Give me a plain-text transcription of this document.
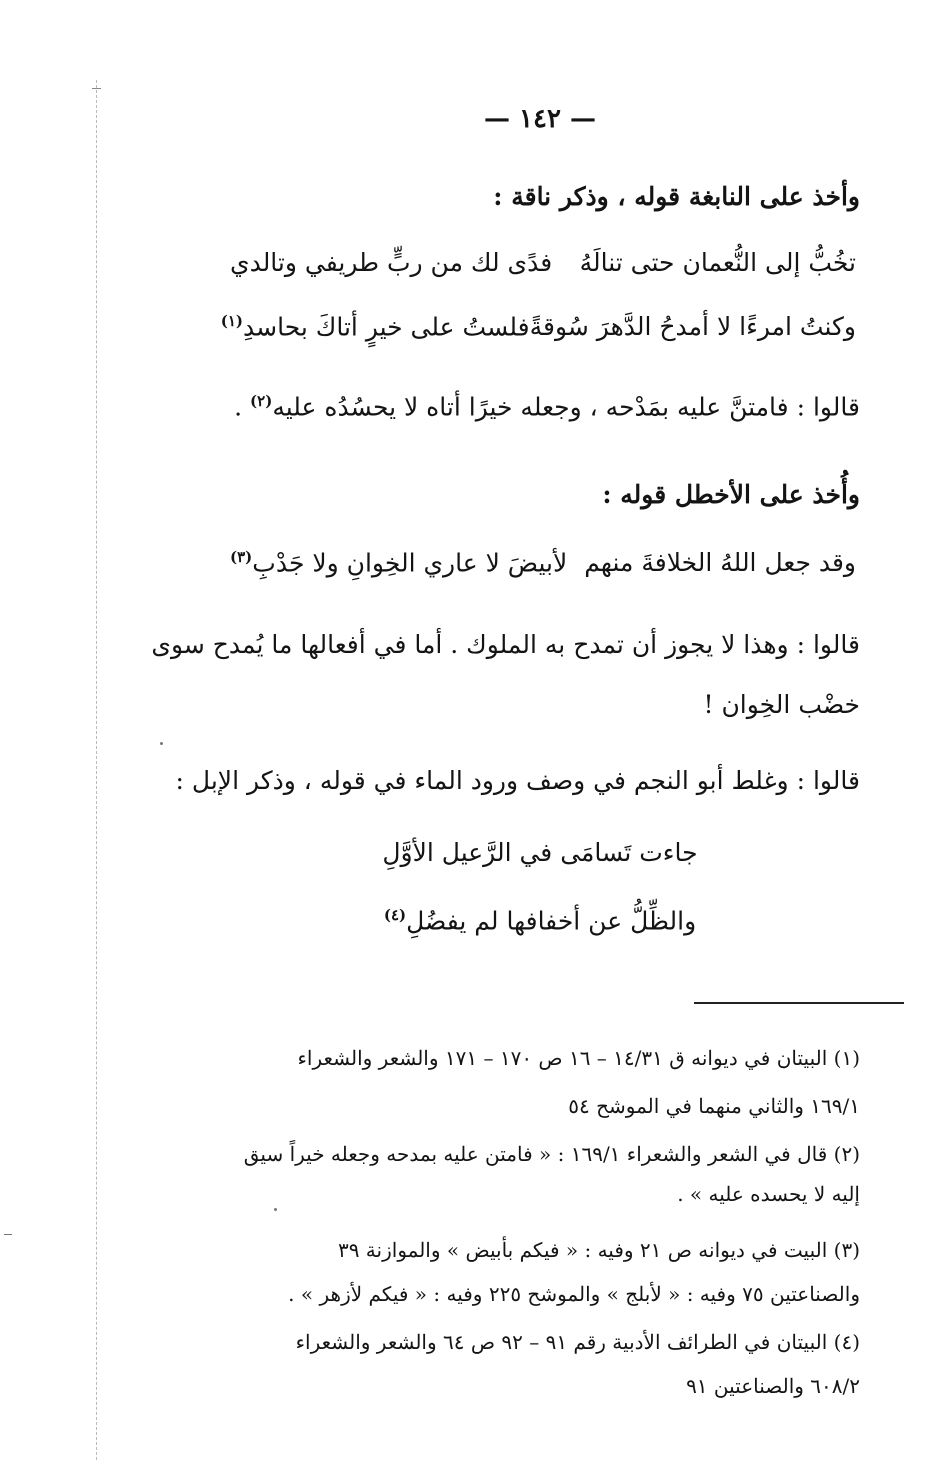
— ١٤٢ —
وأخذ على النابغة قوله ، وذكر ناقة :
تخُبُّ إلى النُّعمان حتى تنالَهُ
فدًى لك من ربٍّ طريفي وتالدي
وكنتُ امرءًا لا أمدحُ الدَّهرَ سُوقةً
فلستُ على خيرٍ أتاكَ بحاسدِ$^{(١)}$
قالوا : فامتنَّ عليه بمَدْحه ، وجعله خيرًا أتاه لا يحسُدُه عليه$^{(٢)}$ .
وأُخذ على الأخطل قوله :
وقد جعل اللهُ الخلافةَ منهم
لأبيضَ لا عاري الخِوانِ ولا جَدْبِ$^{(٣)}$
قالوا : وهذا لا يجوز أن تمدح به الملوك . أما في أفعالها ما يُمدح سوى
خضْب الخِوان !
قالوا : وغلط أبو النجم في وصف ورود الماء في قوله ، وذكر الإبل :
جاءت تَسامَى في الرَّعيل الأوَّلِ
والظِّلُّ عن أخفافها لم يفضُلِ$^{(٤)}$
(١) البيتان في ديوانه ق ١٤/٣١ – ١٦ ص ١٧٠ – ١٧١ والشعر والشعراء
١٦٩/١ والثاني منهما في الموشح ٥٤
(٢) قال في الشعر والشعراء ١٦٩/١ : « فامتن عليه بمدحه وجعله خيراً سيق
إليه لا يحسده عليه » .
(٣) البيت في ديوانه ص ٢١ وفيه : « فيكم بأبيض » والموازنة ٣٩
والصناعتين ٧٥ وفيه : « لأبلج » والموشح ٢٢٥ وفيه : « فيكم لأزهر » .
(٤) البيتان في الطرائف الأدبية رقم ٩١ – ٩٢ ص ٦٤ والشعر والشعراء
٦٠٨/٢ والصناعتين ٩١
